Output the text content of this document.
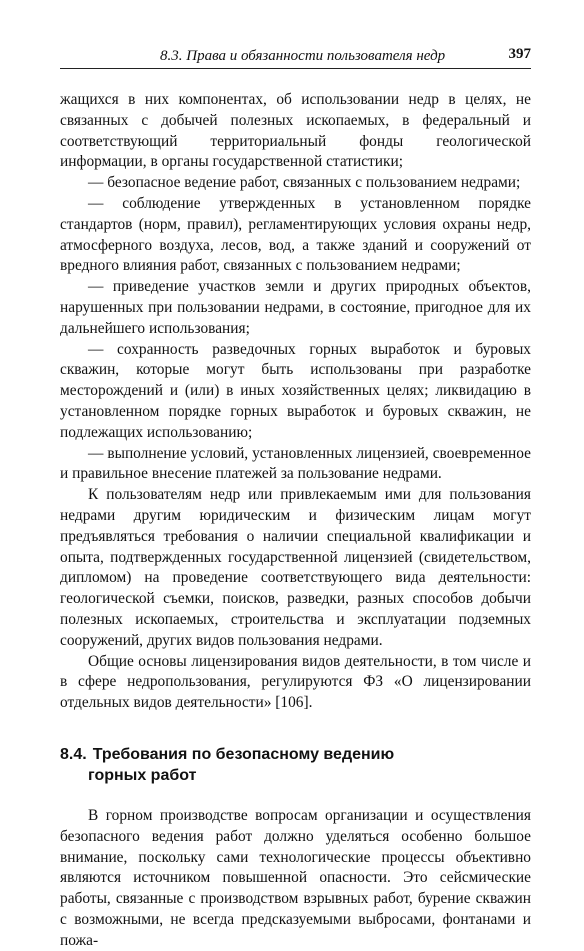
8.3. Права и обязанности пользователя недр	397

жащихся в них компонентах, об использовании недр в целях, не связанных с добычей полезных ископаемых, в федеральный и соответствующий территориальный фонды геологической информации, в органы государственной статистики;

— безопасное ведение работ, связанных с пользованием недрами;

— соблюдение утвержденных в установленном порядке стандартов (норм, правил), регламентирующих условия охраны недр, атмосферного воздуха, лесов, вод, а также зданий и сооружений от вредного влияния работ, связанных с пользованием недрами;

— приведение участков земли и других природных объектов, нарушенных при пользовании недрами, в состояние, пригодное для их дальнейшего использования;

— сохранность разведочных горных выработок и буровых скважин, которые могут быть использованы при разработке месторождений и (или) в иных хозяйственных целях; ликвидацию в установленном порядке горных выработок и буровых скважин, не подлежащих использованию;

— выполнение условий, установленных лицензией, своевременное и правильное внесение платежей за пользование недрами.

К пользователям недр или привлекаемым ими для пользования недрами другим юридическим и физическим лицам могут предъявляться требования о наличии специальной квалификации и опыта, подтвержденных государственной лицензией (свидетельством, дипломом) на проведение соответствующего вида деятельности: геологической съемки, поисков, разведки, разных способов добычи полезных ископаемых, строительства и эксплуатации подземных сооружений, других видов пользования недрами.

Общие основы лицензирования видов деятельности, в том числе и в сфере недропользования, регулируются ФЗ «О лицензировании отдельных видов деятельности» [106].

8.4. Требования по безопасному ведению
горных работ

В горном производстве вопросам организации и осуществления безопасного ведения работ должно уделяться особенно большое внимание, поскольку сами технологические процессы объективно являются источником повышенной опасности. Это сейсмические работы, связанные с производством взрывных работ, бурение скважин с возможными, не всегда предсказуемыми выбросами, фонтанами и пожа-
